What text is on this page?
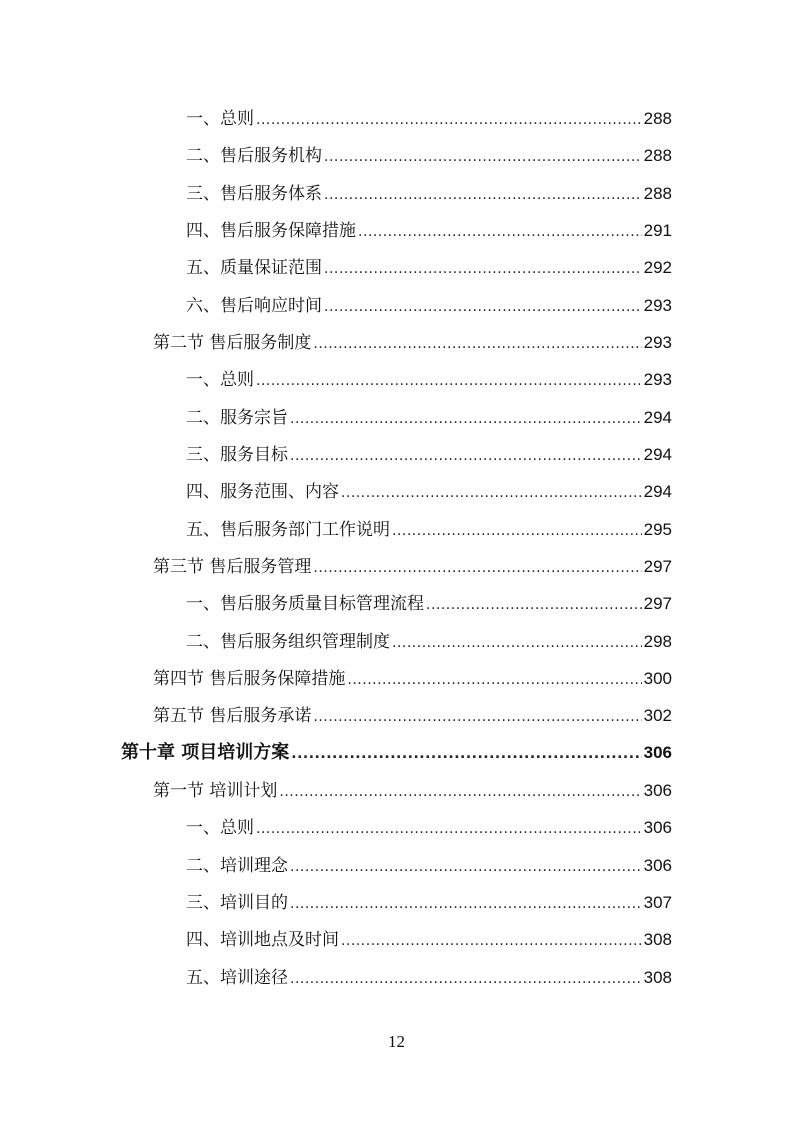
一、总则 .....	288
二、售后服务机构 .....	288
三、售后服务体系 .....	288
四、售后服务保障措施 .....	291
五、质量保证范围 .....	292
六、售后响应时间 .....	293
第二节 售后服务制度 .....	293
一、总则 .....	293
二、服务宗旨 .....	294
三、服务目标 .....	294
四、服务范围、内容 .....	294
五、售后服务部门工作说明 .....	295
第三节 售后服务管理 .....	297
一、售后服务质量目标管理流程 .....	297
二、售后服务组织管理制度 .....	298
第四节 售后服务保障措施 .....	300
第五节 售后服务承诺 .....	302
第十章 项目培训方案 .....	306
第一节 培训计划 .....	306
一、总则 .....	306
二、培训理念 .....	306
三、培训目的 .....	307
四、培训地点及时间 .....	308
五、培训途径 .....	308
12
